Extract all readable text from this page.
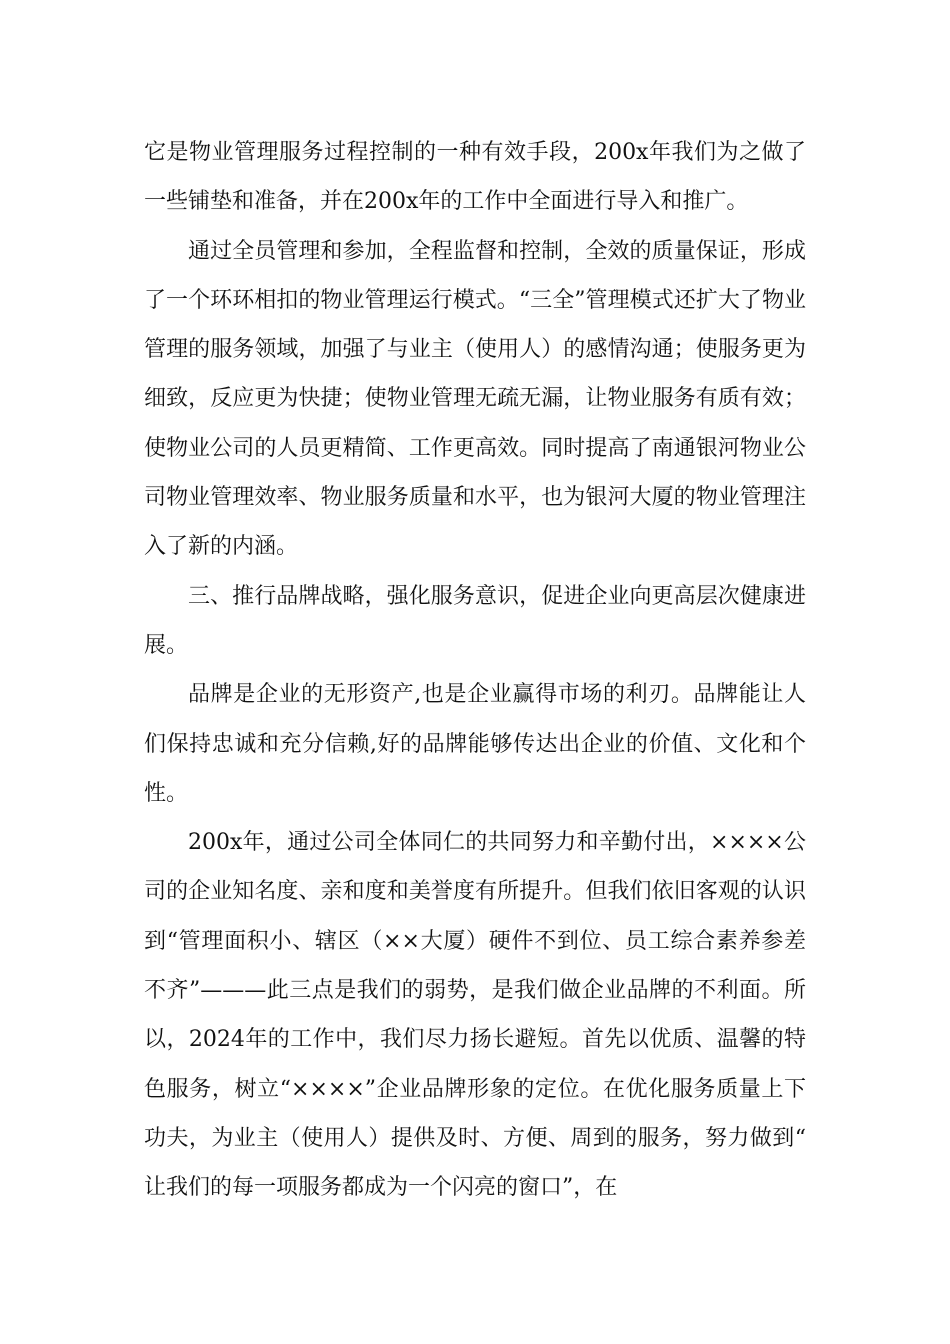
它是物业管理服务过程控制的一种有效手段，200x年我们为之做了一些铺垫和准备，并在200x年的工作中全面进行导入和推广。

通过全员管理和参加，全程监督和控制，全效的质量保证，形成了一个环环相扣的物业管理运行模式。“三全”管理模式还扩大了物业管理的服务领域，加强了与业主（使用人）的感情沟通；使服务更为细致，反应更为快捷；使物业管理无疏无漏，让物业服务有质有效；使物业公司的人员更精简、工作更高效。同时提高了南通银河物业公司物业管理效率、物业服务质量和水平，也为银河大厦的物业管理注入了新的内涵。

三、推行品牌战略，强化服务意识，促进企业向更高层次健康进展。

品牌是企业的无形资产,也是企业赢得市场的利刃。品牌能让人们保持忠诚和充分信赖,好的品牌能够传达出企业的价值、文化和个性。

200x年，通过公司全体同仁的共同努力和辛勤付出，××××公司的企业知名度、亲和度和美誉度有所提升。但我们依旧客观的认识到“管理面积小、辖区（××大厦）硬件不到位、员工综合素养参差不齐”———此三点是我们的弱势，是我们做企业品牌的不利面。所以，2024年的工作中，我们尽力扬长避短。首先以优质、温馨的特色服务，树立“××××”企业品牌形象的定位。在优化服务质量上下功夫，为业主（使用人）提供及时、方便、周到的服务，努力做到“让我们的每一项服务都成为一个闪亮的窗口”，在
